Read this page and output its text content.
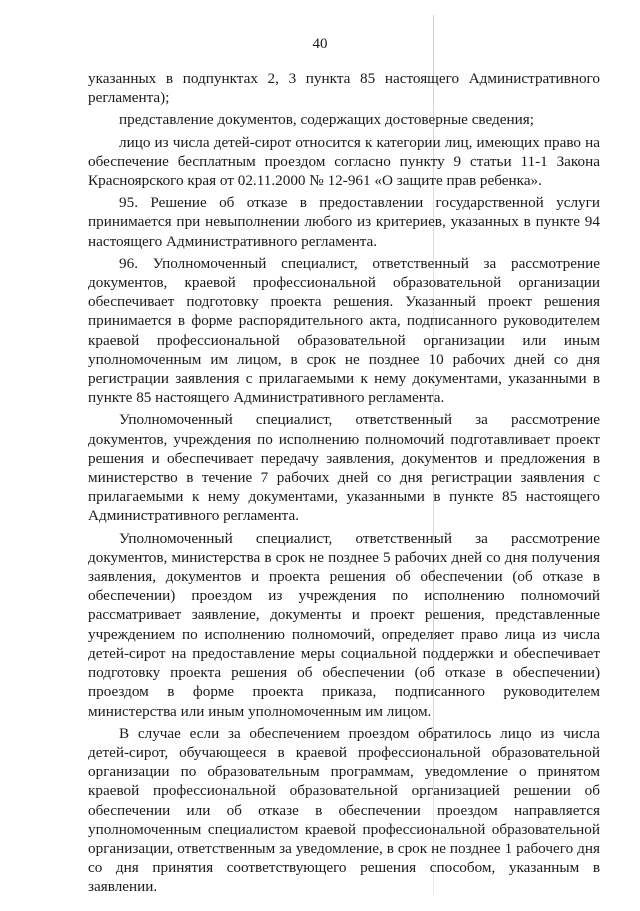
40

указанных в подпунктах 2, 3 пункта 85 настоящего Административного регламента);

представление документов, содержащих достоверные сведения;

лицо из числа детей-сирот относится к категории лиц, имеющих право на обеспечение бесплатным проездом согласно пункту 9 статьи 11-1 Закона Красноярского края от 02.11.2000 № 12-961 «О защите прав ребенка».

95. Решение об отказе в предоставлении государственной услуги принимается при невыполнении любого из критериев, указанных в пункте 94 настоящего Административного регламента.

96. Уполномоченный специалист, ответственный за рассмотрение документов, краевой профессиональной образовательной организации обеспечивает подготовку проекта решения. Указанный проект решения принимается в форме распорядительного акта, подписанного руководителем краевой профессиональной образовательной организации или иным уполномоченным им лицом, в срок не позднее 10 рабочих дней со дня регистрации заявления с прилагаемыми к нему документами, указанными в пункте 85 настоящего Административного регламента.

Уполномоченный специалист, ответственный за рассмотрение документов, учреждения по исполнению полномочий подготавливает проект решения и обеспечивает передачу заявления, документов и предложения в министерство в течение 7 рабочих дней со дня регистрации заявления с прилагаемыми к нему документами, указанными в пункте 85 настоящего Административного регламента.

Уполномоченный специалист, ответственный за рассмотрение документов, министерства в срок не позднее 5 рабочих дней со дня получения заявления, документов и проекта решения об обеспечении (об отказе в обеспечении) проездом из учреждения по исполнению полномочий рассматривает заявление, документы и проект решения, представленные учреждением по исполнению полномочий, определяет право лица из числа детей-сирот на предоставление меры социальной поддержки и обеспечивает подготовку проекта решения об обеспечении (об отказе в обеспечении) проездом в форме проекта приказа, подписанного руководителем министерства или иным уполномоченным им лицом.

В случае если за обеспечением проездом обратилось лицо из числа детей-сирот, обучающееся в краевой профессиональной образовательной организации по образовательным программам, уведомление о принятом краевой профессиональной образовательной организацией решении об обеспечении или об отказе в обеспечении проездом направляется уполномоченным специалистом краевой профессиональной образовательной организации, ответственным за уведомление, в срок не позднее 1 рабочего дня со дня принятия соответствующего решения способом, указанным в заявлении.
